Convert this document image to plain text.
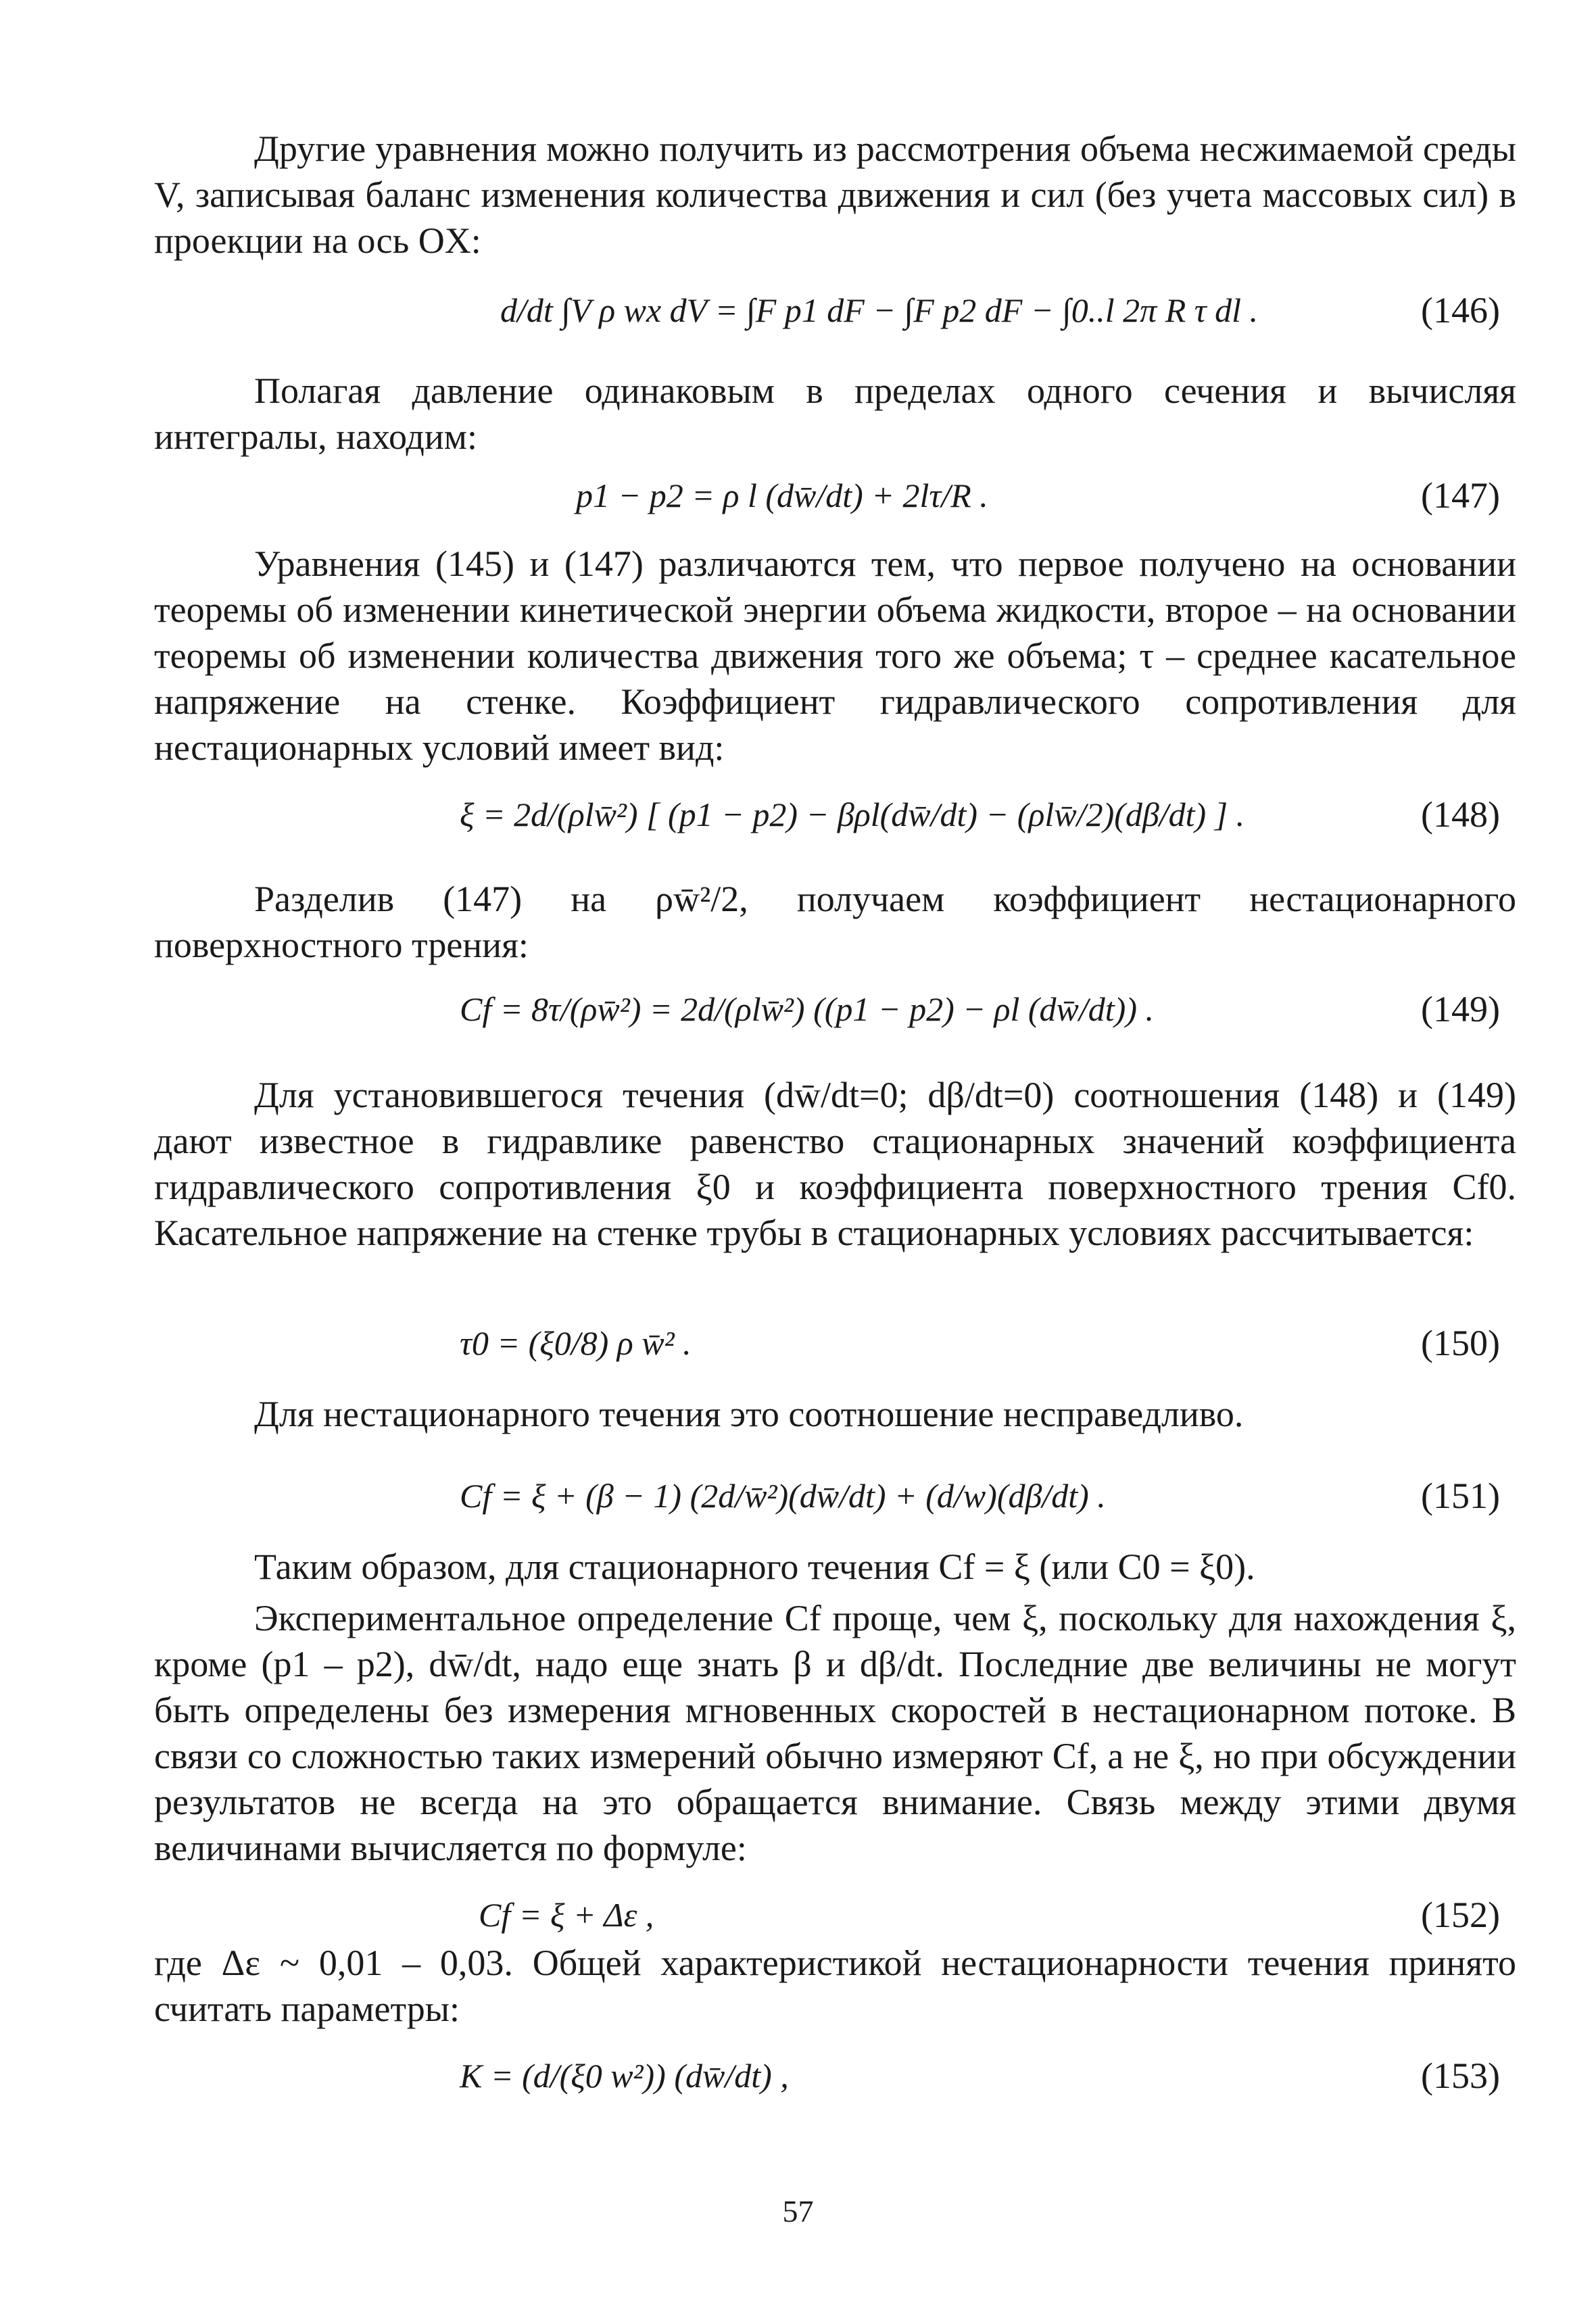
Другие уравнения можно получить из рассмотрения объема несжимаемой среды V, записывая баланс изменения количества движения и сил (без учета массовых сил) в проекции на ось OX:

d/dt ∫V ρ wx dV = ∫F p1 dF − ∫F p2 dF − ∫0..l 2π R τ dl .	(146)

Полагая давление одинаковым в пределах одного сечения и вычисляя интегралы, находим:

p1 − p2 = ρ l (dw̄/dt) + 2lτ/R .	(147)

Уравнения (145) и (147) различаются тем, что первое получено на основании теоремы об изменении кинетической энергии объема жидкости, второе – на основании теоремы об изменении количества движения того же объема; τ – среднее касательное напряжение на стенке. Коэффициент гидравлического сопротивления для нестационарных условий имеет вид:

ξ = 2d/(ρlw̄²) [ (p1 − p2) − βρl(dw̄/dt) − (ρlw̄/2)(dβ/dt) ] .	(148)

Разделив (147) на ρw̄²/2, получаем коэффициент нестационарного поверхностного трения:

Cf = 8τ/(ρw̄²) = 2d/(ρlw̄²) ((p1 − p2) − ρl (dw̄/dt)) .	(149)

Для установившегося течения (dw̄/dt=0; dβ/dt=0) соотношения (148) и (149) дают известное в гидравлике равенство стационарных значений коэффициента гидравлического сопротивления ξ0 и коэффициента поверхностного трения Cf0. Касательное напряжение на стенке трубы в стационарных условиях рассчитывается:

τ0 = (ξ0/8) ρ w̄² .	(150)

Для нестационарного течения это соотношение несправедливо.

Cf = ξ + (β − 1) (2d/w̄²)(dw̄/dt) + (d/w)(dβ/dt) .	(151)

Таким образом, для стационарного течения Cf = ξ (или C0 = ξ0).

Экспериментальное определение Cf проще, чем ξ, поскольку для нахождения ξ, кроме (p1 – p2), dw̄/dt, надо еще знать β и dβ/dt. Последние две величины не могут быть определены без измерения мгновенных скоростей в нестационарном потоке. В связи со сложностью таких измерений обычно измеряют Cf, а не ξ, но при обсуждении результатов не всегда на это обращается внимание. Связь между этими двумя величинами вычисляется по формуле:

Cf = ξ + Δε ,	(152)

где Δε ~ 0,01 – 0,03. Общей характеристикой нестационарности течения принято считать параметры:

K = (d/(ξ0 w²)) (dw̄/dt) ,	(153)
57
